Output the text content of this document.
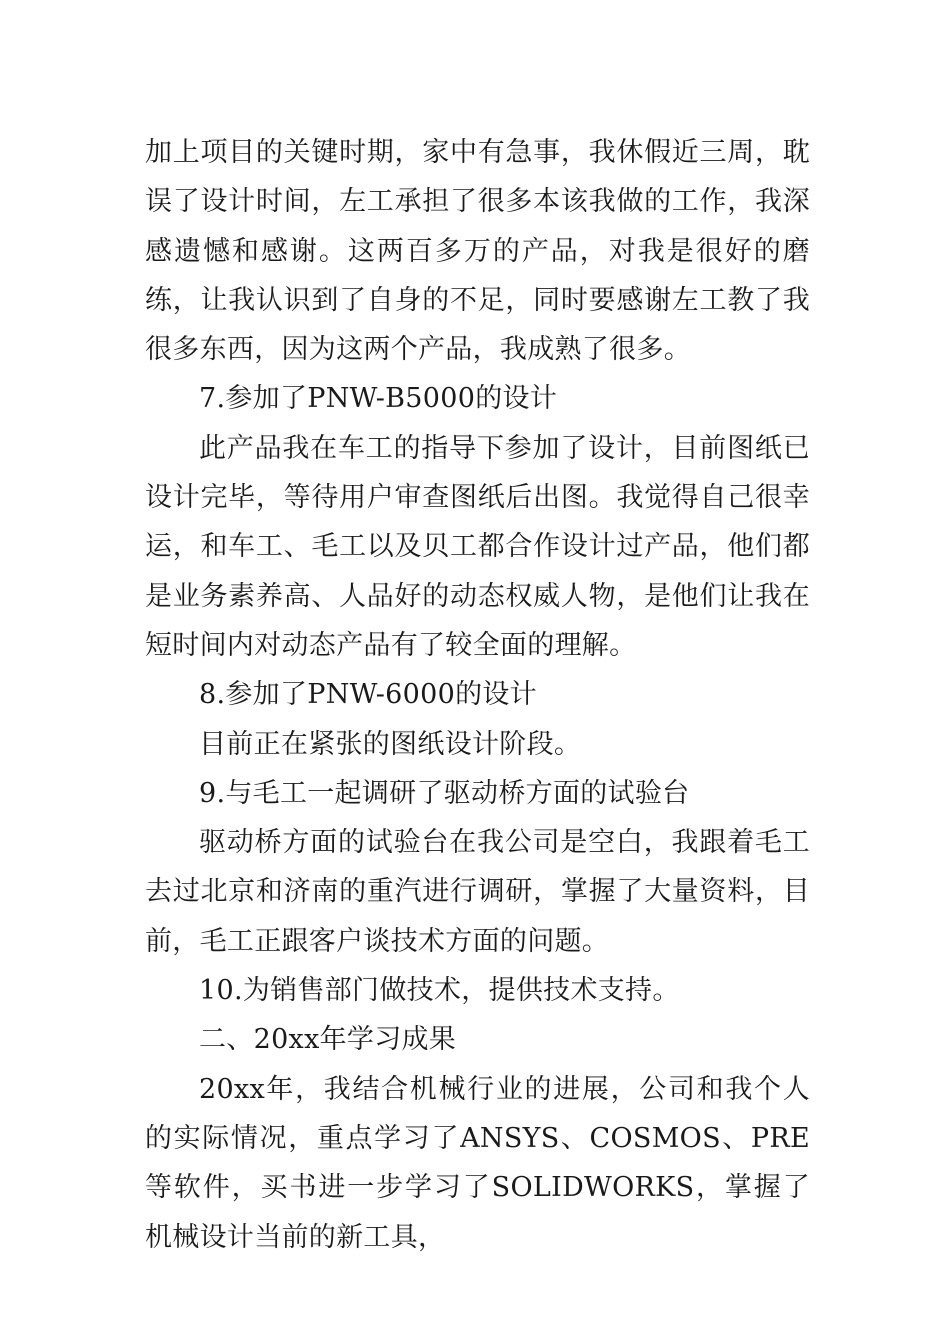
加上项目的关键时期，家中有急事，我休假近三周，耽误了设计时间，左工承担了很多本该我做的工作，我深感遗憾和感谢。这两百多万的产品，对我是很好的磨练，让我认识到了自身的不足，同时要感谢左工教了我很多东西，因为这两个产品，我成熟了很多。

7.参加了PNW-B5000的设计

此产品我在车工的指导下参加了设计，目前图纸已设计完毕，等待用户审查图纸后出图。我觉得自己很幸运，和车工、毛工以及贝工都合作设计过产品，他们都是业务素养高、人品好的动态权威人物，是他们让我在短时间内对动态产品有了较全面的理解。

8.参加了PNW-6000的设计

目前正在紧张的图纸设计阶段。

9.与毛工一起调研了驱动桥方面的试验台

驱动桥方面的试验台在我公司是空白，我跟着毛工去过北京和济南的重汽进行调研，掌握了大量资料，目前，毛工正跟客户谈技术方面的问题。

10.为销售部门做技术，提供技术支持。

二、20xx年学习成果

20xx年，我结合机械行业的进展，公司和我个人的实际情况，重点学习了ANSYS、COSMOS、PRE等软件，买书进一步学习了SOLIDWORKS，掌握了机械设计当前的新工具，
